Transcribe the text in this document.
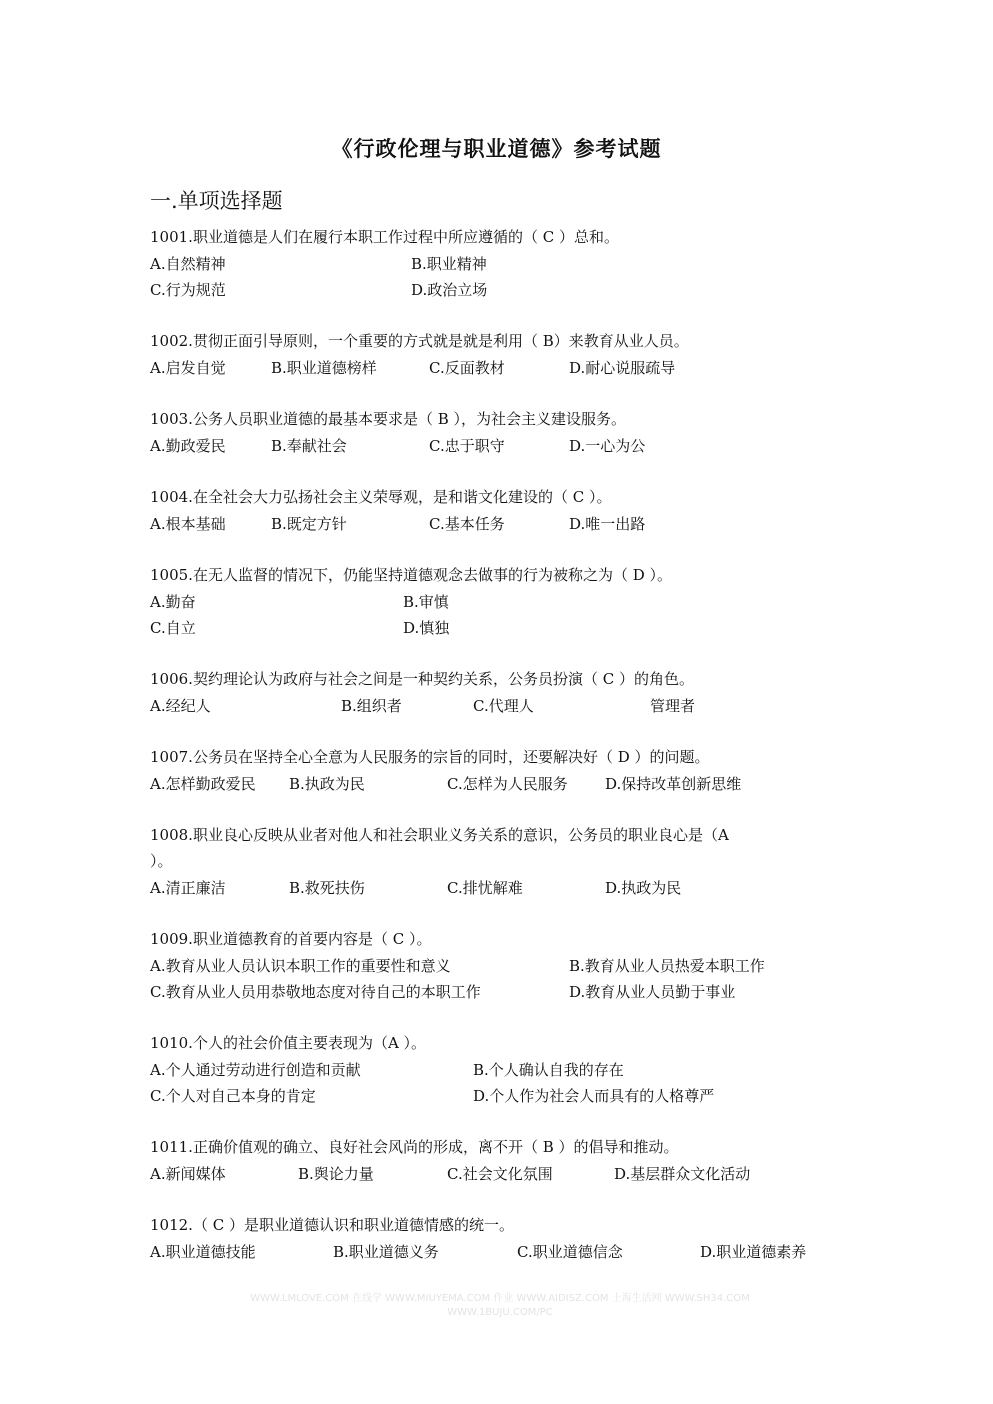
《行政伦理与职业道德》参考试题
一.单项选择题
1001.职业道德是人们在履行本职工作过程中所应遵循的（ C ）总和。
A.自然精神	B.职业精神
C.行为规范	D.政治立场
1002.贯彻正面引导原则，一个重要的方式就是就是利用（ B）来教育从业人员。
A.启发自觉	B.职业道德榜样	C.反面教材	D.耐心说服疏导
1003.公务人员职业道德的最基本要求是（ B ），为社会主义建设服务。
A.勤政爱民	B.奉献社会	C.忠于职守	D.一心为公
1004.在全社会大力弘扬社会主义荣辱观，是和谐文化建设的（ C ）。
A.根本基础	B.既定方针	C.基本任务	D.唯一出路
1005.在无人监督的情况下，仍能坚持道德观念去做事的行为被称之为（ D ）。
A.勤奋	B.审慎
C.自立	D.慎独
1006.契约理论认为政府与社会之间是一种契约关系，公务员扮演（ C ）的角色。
A.经纪人	B.组织者	C.代理人	管理者
1007.公务员在坚持全心全意为人民服务的宗旨的同时，还要解决好（ D ）的问题。
A.怎样勤政爱民 B.执政为民	C.怎样为人民服务 D.保持改革创新思维
1008.职业良心反映从业者对他人和社会职业义务关系的意识，公务员的职业良心是（A
）。
A.清正廉洁	B.救死扶伤	C.排忧解难	D.执政为民
1009.职业道德教育的首要内容是（ C ）。
A.教育从业人员认识本职工作的重要性和意义	B.教育从业人员热爱本职工作
C.教育从业人员用恭敬地态度对待自己的本职工作	D.教育从业人员勤于事业
1010.个人的社会价值主要表现为（A ）。
A.个人通过劳动进行创造和贡献	B.个人确认自我的存在
C.个人对自己本身的肯定	D.个人作为社会人而具有的人格尊严
1011.正确价值观的确立、良好社会风尚的形成，离不开（ B ）的倡导和推动。
A.新闻媒体	B.舆论力量	C.社会文化氛围	D.基层群众文化活动
1012.（ C ）是职业道德认识和职业道德情感的统一。
A.职业道德技能	B.职业道德义务	C.职业道德信念	D.职业道德素养
WWW.LMLOVE.COM 在线学 WWW.MIUYEMA.COM 作业 WWW.AIDISZ.COM 上海生活网 WWW.SH34.COM
WWW.1BUJU.COM/PC
